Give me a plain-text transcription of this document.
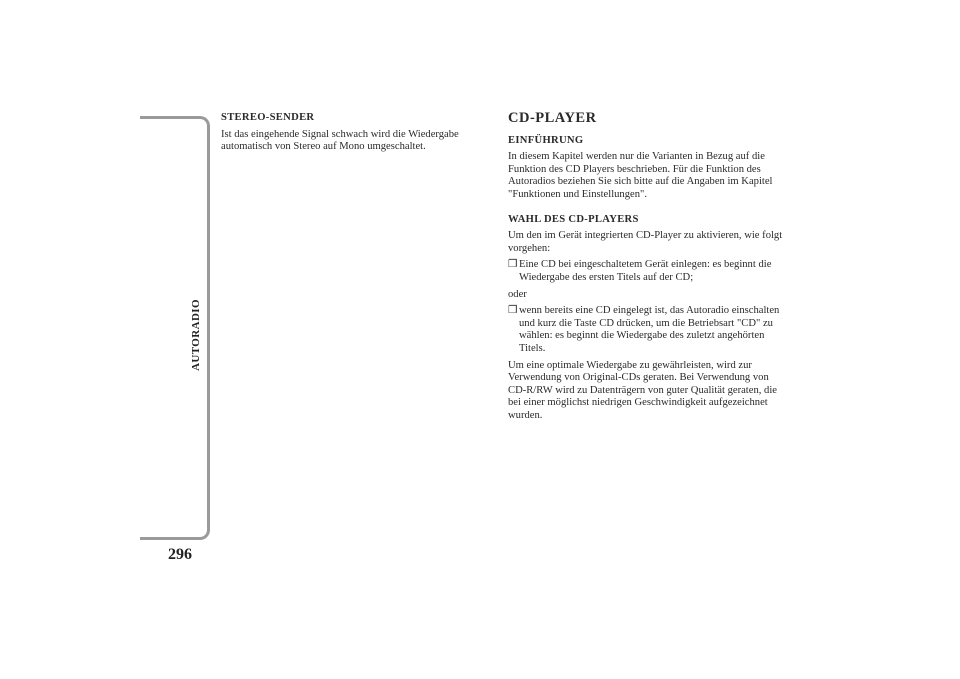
AUTORADIO
296
STEREO-SENDER
Ist das eingehende Signal schwach wird die Wiedergabe automatisch von Stereo auf Mono umgeschaltet.
CD-PLAYER
EINFÜHRUNG
In diesem Kapitel werden nur die Varianten in Bezug auf die Funktion des CD Players beschrieben. Für die Funktion des Autoradios beziehen Sie sich bitte auf die Angaben im Kapitel "Funktionen und Einstellungen".
WAHL DES CD-PLAYERS
Um den im Gerät integrierten CD-Player zu aktivieren, wie folgt vorgehen:
❒ Eine CD bei eingeschaltetem Gerät einlegen: es beginnt die Wiedergabe des ersten Titels auf der CD;
oder
❒ wenn bereits eine CD eingelegt ist, das Autoradio einschalten und kurz die Taste CD drücken, um die Betriebsart "CD" zu wählen: es beginnt die Wiedergabe des zuletzt angehörten Titels.
Um eine optimale Wiedergabe zu gewährleisten, wird zur Verwendung von Original-CDs geraten. Bei Verwendung von CD-R/RW wird zu Datenträgern von guter Qualität geraten, die bei einer möglichst niedrigen Geschwindigkeit aufgezeichnet wurden.
